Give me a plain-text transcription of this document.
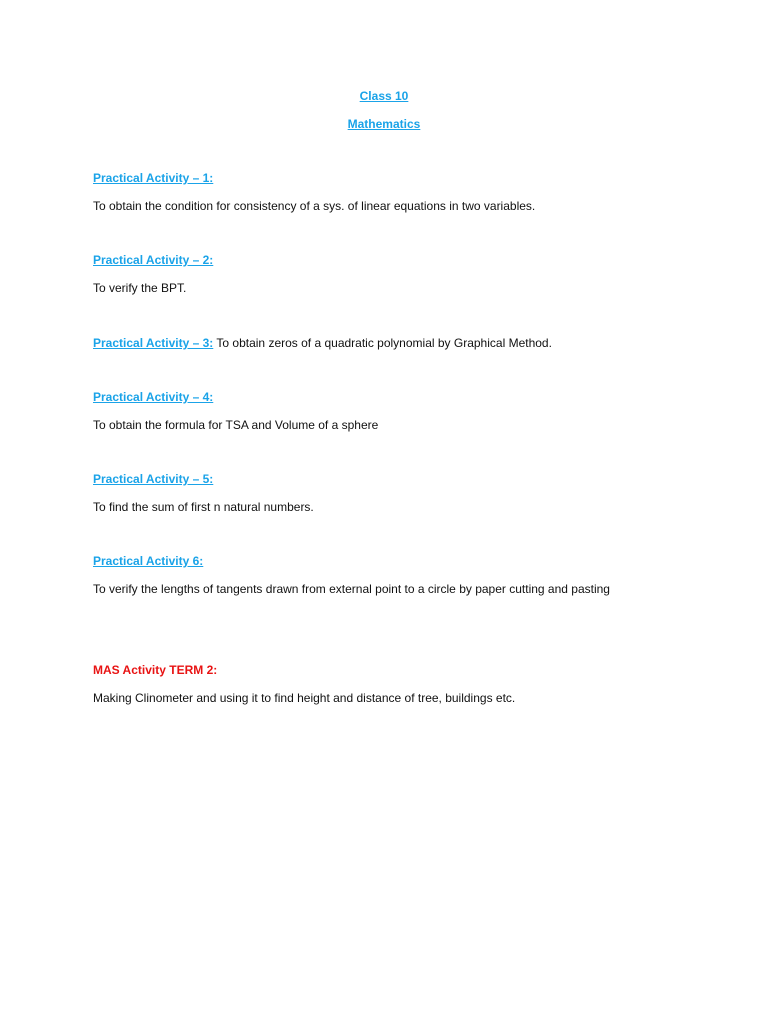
Class 10
Mathematics
Practical Activity – 1:
To obtain the condition for consistency of a sys. of linear equations in two variables.
Practical Activity – 2:
To verify the BPT.
Practical Activity – 3: To obtain zeros of a quadratic polynomial by Graphical Method.
Practical Activity – 4:
To obtain the formula for TSA and Volume of a sphere
Practical Activity – 5:
To find the sum of first n natural numbers.
Practical Activity 6:
To verify the lengths of tangents drawn from external point to a circle by paper cutting and pasting
MAS Activity TERM 2:
Making Clinometer and using it to find height and distance of tree, buildings etc.
